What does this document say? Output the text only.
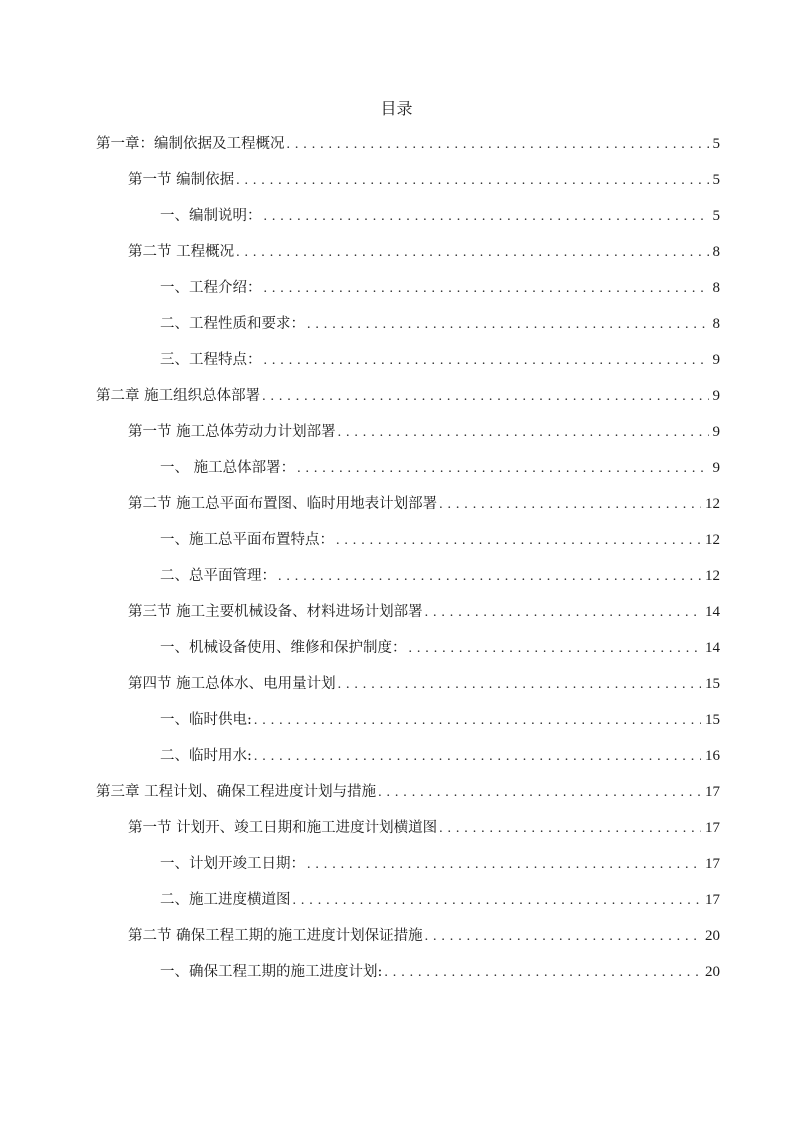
目录
第一章：编制依据及工程概况 . . .	5
第一节 编制依据 . . .	5
一、编制说明： . . .	5
第二节 工程概况 . . .	8
一、工程介绍： . . .	8
二、工程性质和要求： . . .	8
三、工程特点： . . .	9
第二章 施工组织总体部署 . . .	9
第一节 施工总体劳动力计划部署 . . .	9
一、 施工总体部署： . . .	9
第二节 施工总平面布置图、临时用地表计划部署 . . .	12
一、施工总平面布置特点： . . .	12
二、总平面管理： . . .	12
第三节 施工主要机械设备、材料进场计划部署 . . .	14
一、机械设备使用、维修和保护制度： . . .	14
第四节 施工总体水、电用量计划 . . .	15
一、临时供电: . . .	15
二、临时用水: . . .	16
第三章 工程计划、确保工程进度计划与措施 . . .	17
第一节 计划开、竣工日期和施工进度计划横道图 . . .	17
一、计划开竣工日期： . . .	17
二、施工进度横道图 . . .	17
第二节 确保工程工期的施工进度计划保证措施 . . .	20
一、确保工程工期的施工进度计划: . . .	20
